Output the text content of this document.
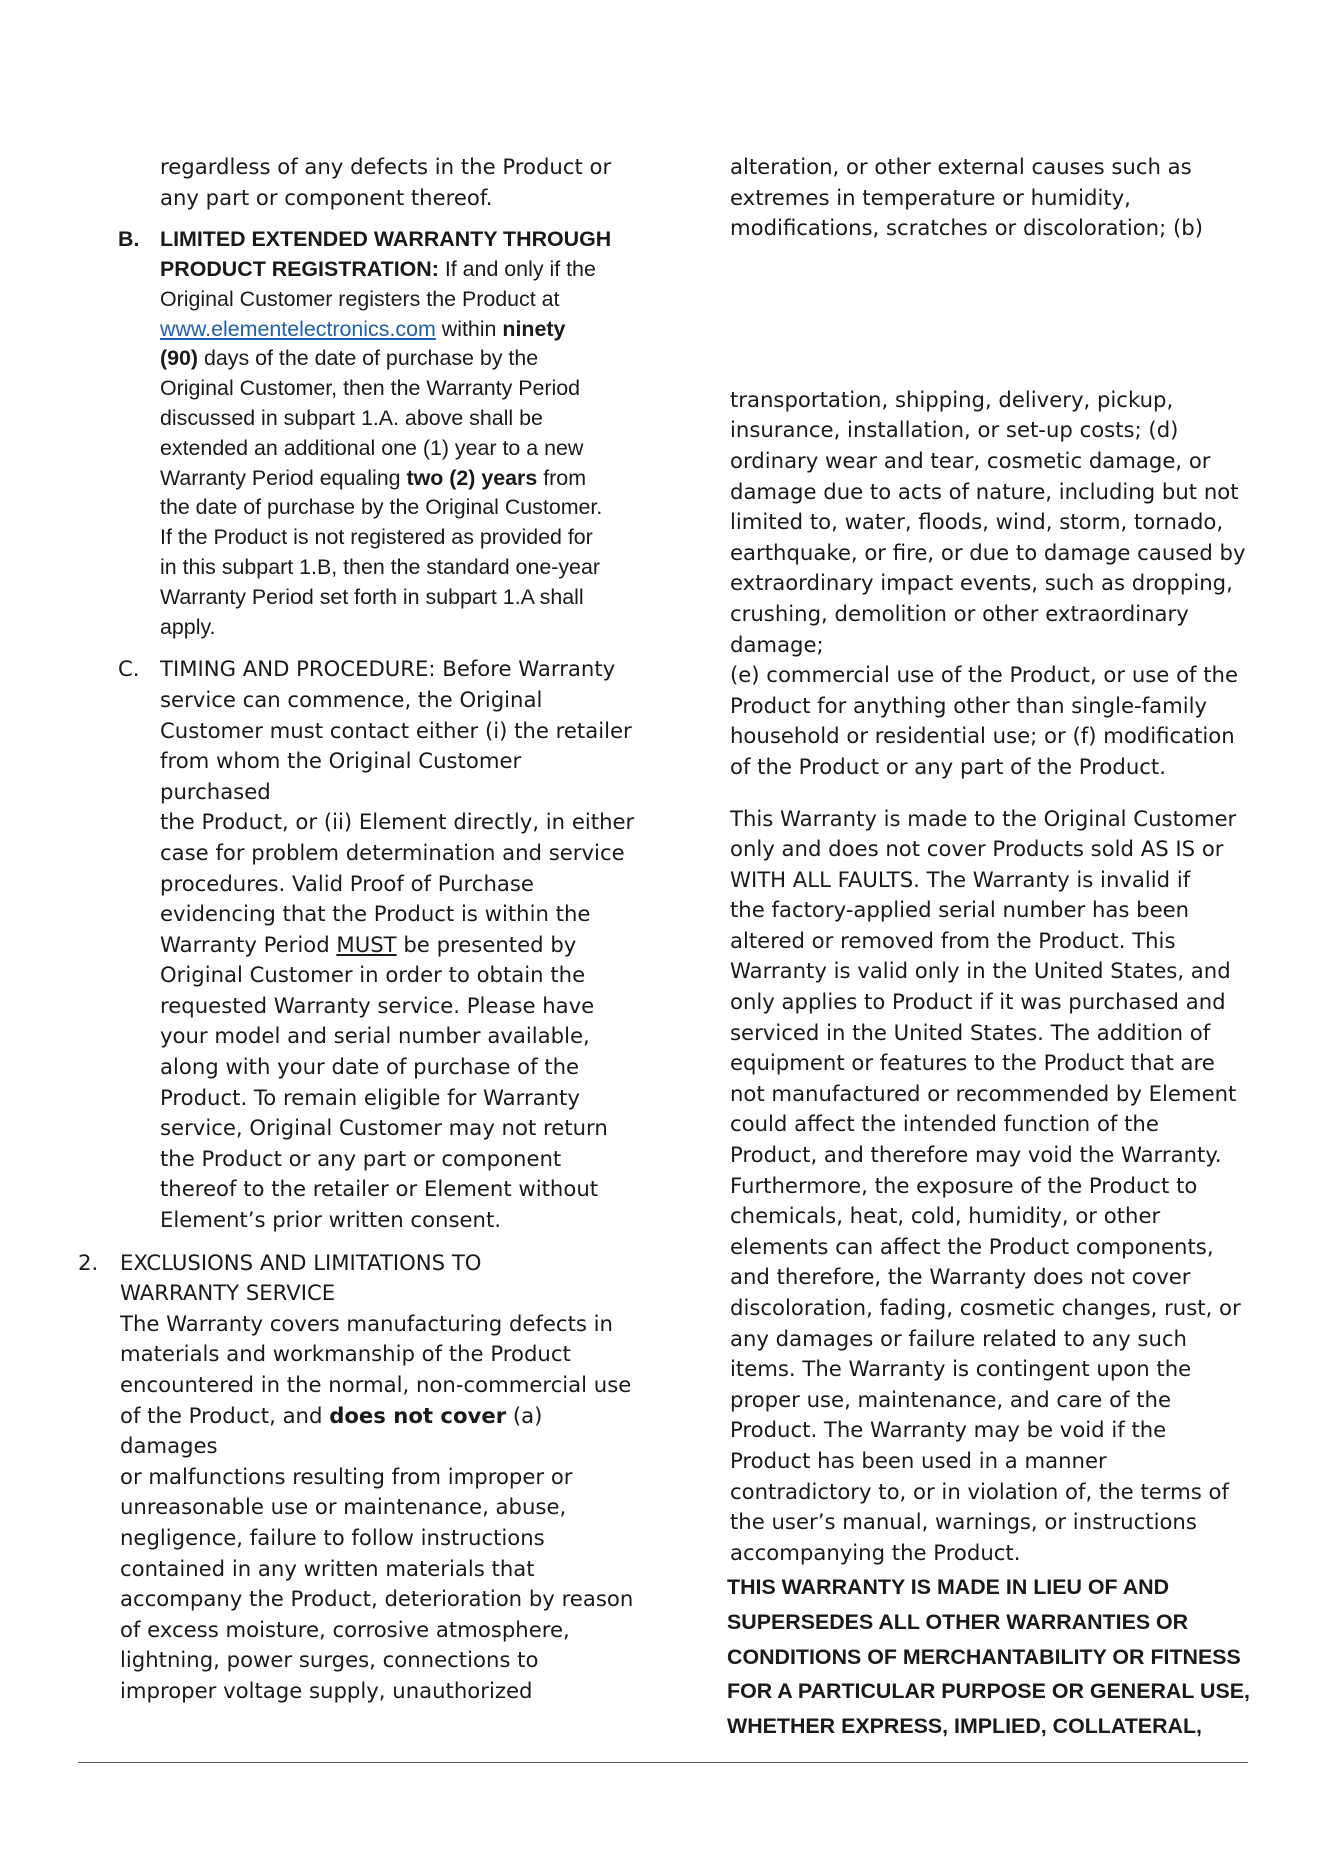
regardless of any defects in the Product or
any part or component thereof.
B. LIMITED EXTENDED WARRANTY THROUGH
PRODUCT REGISTRATION: If and only if the
Original Customer registers the Product at
www.elementelectronics.com within ninety
(90) days of the date of purchase by the
Original Customer, then the Warranty Period
discussed in subpart 1.A. above shall be
extended an additional one (1) year to a new
Warranty Period equaling two (2) years from
the date of purchase by the Original Customer.
If the Product is not registered as provided for
in this subpart 1.B, then the standard one-year
Warranty Period set forth in subpart 1.A shall
apply.
C. TIMING AND PROCEDURE: Before Warranty
service can commence, the Original
Customer must contact either (i) the retailer
from whom the Original Customer purchased
the Product, or (ii) Element directly, in either
case for problem determination and service
procedures. Valid Proof of Purchase
evidencing that the Product is within the
Warranty Period MUST be presented by
Original Customer in order to obtain the
requested Warranty service. Please have
your model and serial number available,
along with your date of purchase of the
Product. To remain eligible for Warranty
service, Original Customer may not return
the Product or any part or component
thereof to the retailer or Element without
Element’s prior written consent.
2. EXCLUSIONS AND LIMITATIONS TO
WARRANTY SERVICE
The Warranty covers manufacturing defects in
materials and workmanship of the Product
encountered in the normal, non-commercial use
of the Product, and does not cover (a) damages
or malfunctions resulting from improper or
unreasonable use or maintenance, abuse,
negligence, failure to follow instructions
contained in any written materials that
accompany the Product, deterioration by reason
of excess moisture, corrosive atmosphere,
lightning, power surges, connections to
improper voltage supply, unauthorized
alteration, or other external causes such as
extremes in temperature or humidity,
modifications, scratches or discoloration; (b)
transportation, shipping, delivery, pickup,
insurance, installation, or set-up costs; (d)
ordinary wear and tear, cosmetic damage, or
damage due to acts of nature, including but not
limited to, water, floods, wind, storm, tornado,
earthquake, or fire, or due to damage caused by
extraordinary impact events, such as dropping,
crushing, demolition or other extraordinary
damage;
(e) commercial use of the Product, or use of the
Product for anything other than single-family
household or residential use; or (f) modification
of the Product or any part of the Product.
This Warranty is made to the Original Customer
only and does not cover Products sold AS IS or
WITH ALL FAULTS. The Warranty is invalid if
the factory-applied serial number has been
altered or removed from the Product. This
Warranty is valid only in the United States, and
only applies to Product if it was purchased and
serviced in the United States. The addition of
equipment or features to the Product that are
not manufactured or recommended by Element
could affect the intended function of the
Product, and therefore may void the Warranty.
Furthermore, the exposure of the Product to
chemicals, heat, cold, humidity, or other
elements can affect the Product components,
and therefore, the Warranty does not cover
discoloration, fading, cosmetic changes, rust, or
any damages or failure related to any such
items. The Warranty is contingent upon the
proper use, maintenance, and care of the
Product. The Warranty may be void if the
Product has been used in a manner
contradictory to, or in violation of, the terms of
the user’s manual, warnings, or instructions
accompanying the Product.
THIS WARRANTY IS MADE IN LIEU OF AND
SUPERSEDES ALL OTHER WARRANTIES OR
CONDITIONS OF MERCHANTABILITY OR FITNESS
FOR A PARTICULAR PURPOSE OR GENERAL USE,
WHETHER EXPRESS, IMPLIED, COLLATERAL,
